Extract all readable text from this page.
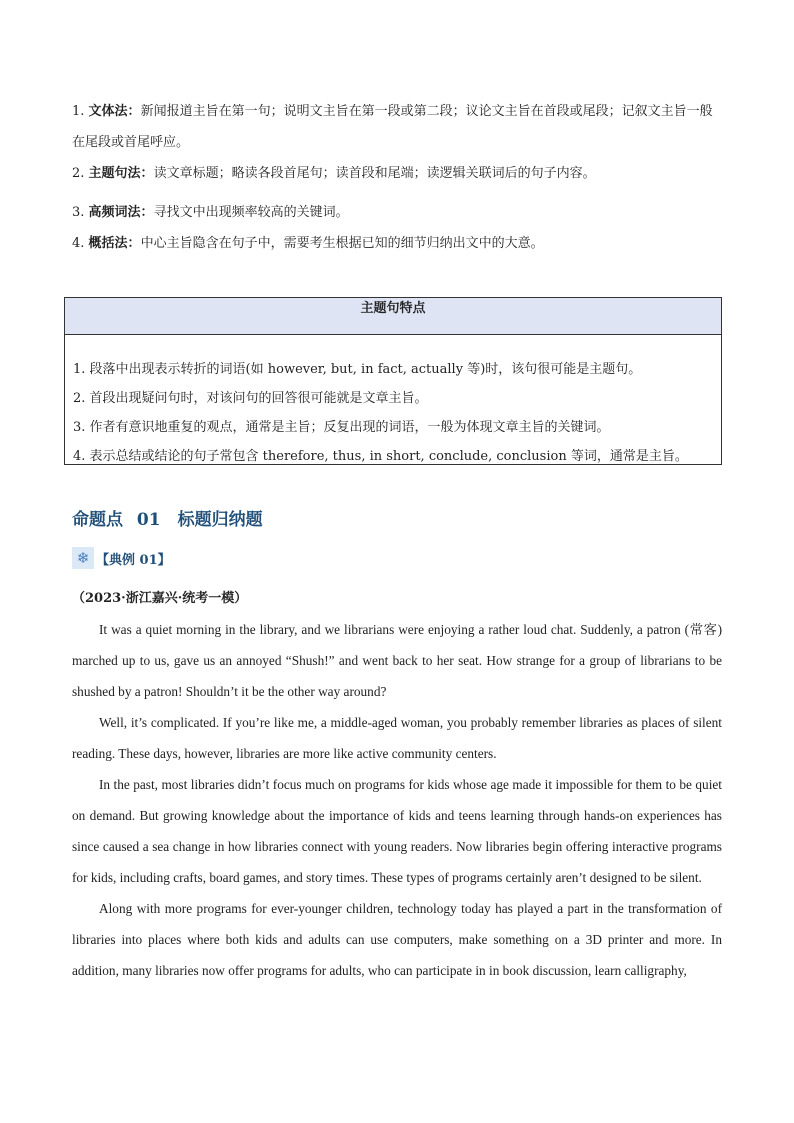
1. 文体法：新闻报道主旨在第一句；说明文主旨在第一段或第二段；议论文主旨在首段或尾段；记叙文主旨一般在尾段或首尾呼应。

2. 主题句法：读文章标题；略读各段首尾句；读首段和尾端；读逻辑关联词后的句子内容。

3. 高频词法：寻找文中出现频率较高的关键词。

4. 概括法：中心主旨隐含在句子中，需要考生根据已知的细节归纳出文中的大意。

主题句特点

1. 段落中出现表示转折的词语(如 however, but, in fact, actually 等)时，该句很可能是主题句。

2. 首段出现疑问句时，对该问句的回答很可能就是文章主旨。

3. 作者有意识地重复的观点，通常是主旨；反复出现的词语，一般为体现文章主旨的关键词。

4. 表示总结或结论的句子常包含 therefore, thus, in short, conclude, conclusion 等词，通常是主旨。

命题点 01　标题归纳题
❄ 【典例 01】
（2023·浙江嘉兴·统考一模）

It was a quiet morning in the library, and we librarians were enjoying a rather loud chat. Suddenly, a patron (常客) marched up to us, gave us an annoyed “Shush!” and went back to her seat. How strange for a group of librarians to be shushed by a patron! Shouldn’t it be the other way around?

Well, it’s complicated. If you’re like me, a middle-aged woman, you probably remember libraries as places of silent reading. These days, however, libraries are more like active community centers.

In the past, most libraries didn’t focus much on programs for kids whose age made it impossible for them to be quiet on demand. But growing knowledge about the importance of kids and teens learning through hands-on experiences has since caused a sea change in how libraries connect with young readers. Now libraries begin offering interactive programs for kids, including crafts, board games, and story times. These types of programs certainly aren’t designed to be silent.

Along with more programs for ever-younger children, technology today has played a part in the transformation of libraries into places where both kids and adults can use computers, make something on a 3D printer and more. In addition, many libraries now offer programs for adults, who can participate in in book discussion, learn calligraphy,
